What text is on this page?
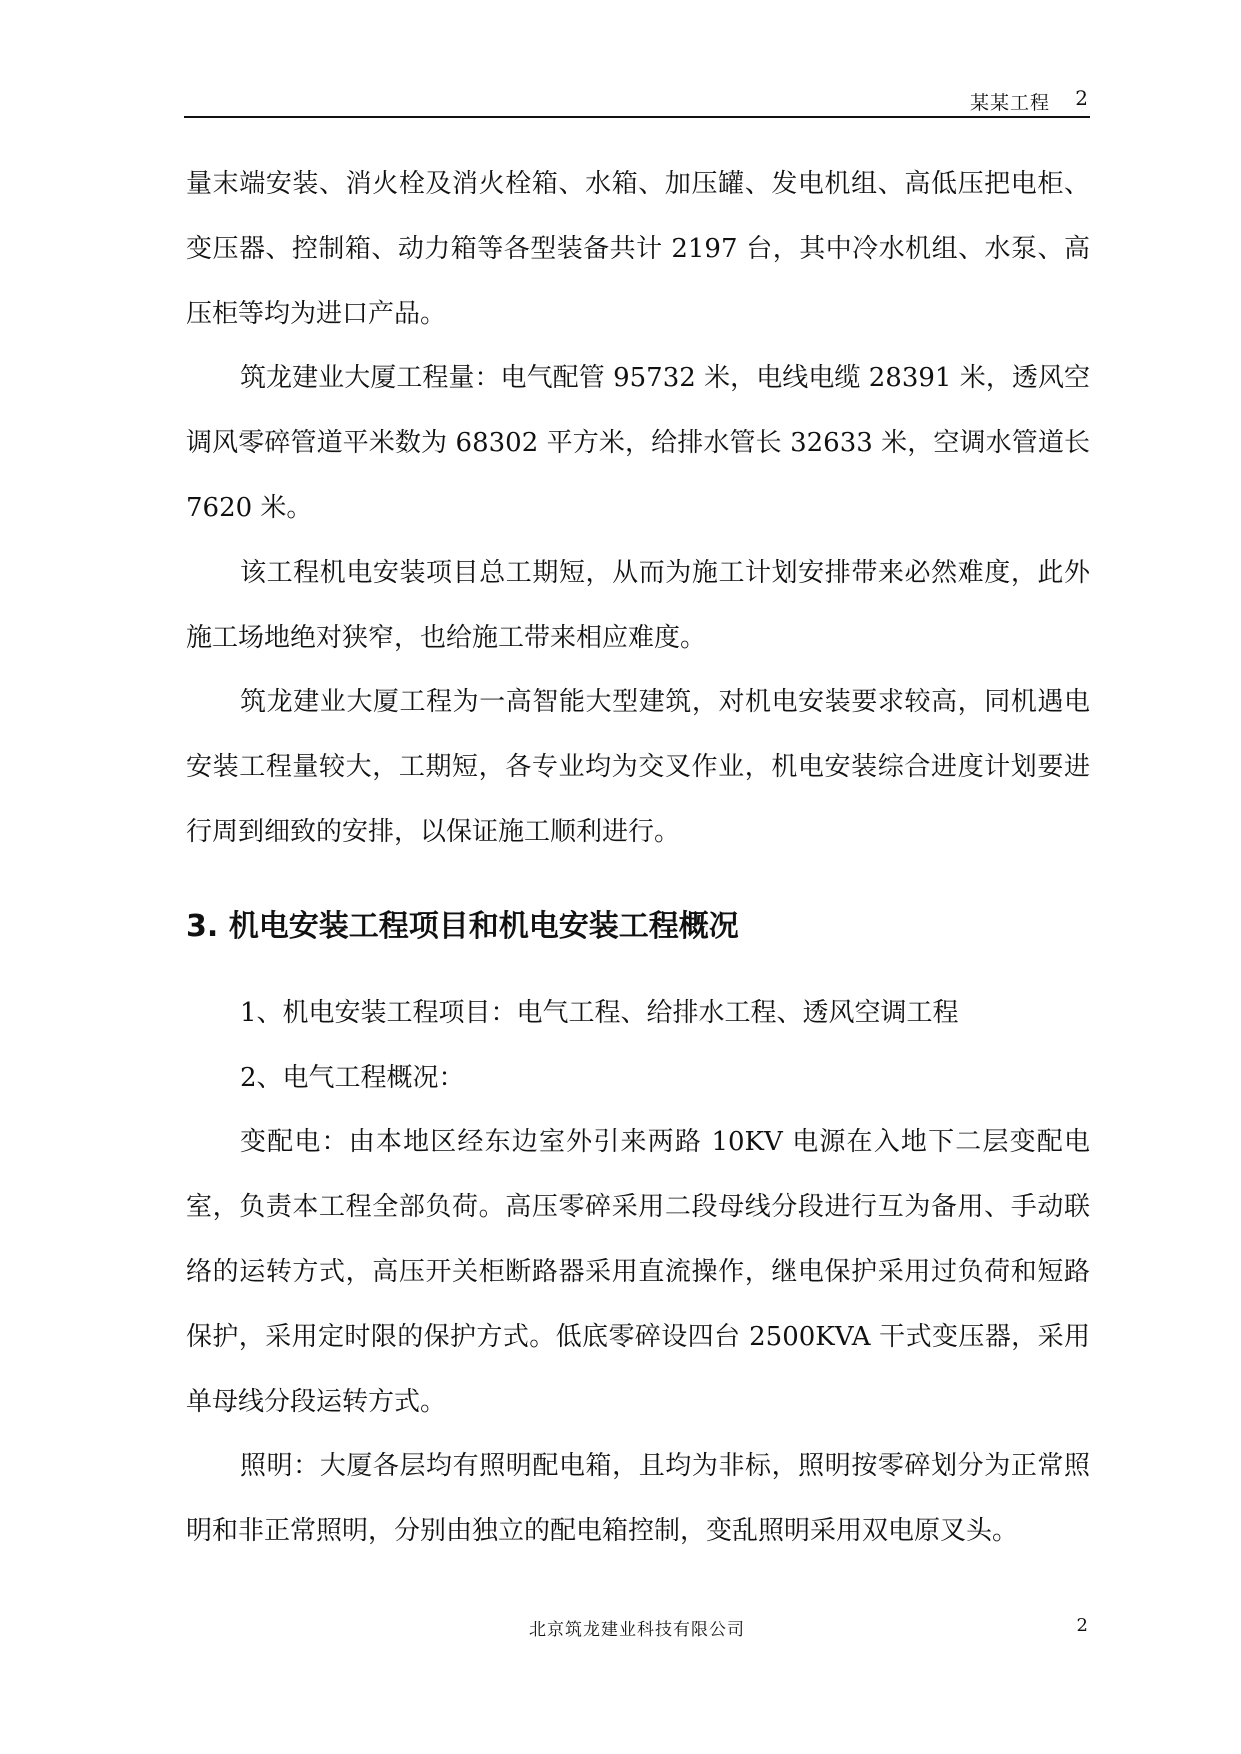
某某工程 2

量末端安装、消火栓及消火栓箱、水箱、加压罐、发电机组、高低压把电柜、变压器、控制箱、动力箱等各型装备共计 2197 台，其中冷水机组、水泵、高压柜等均为进口产品。

筑龙建业大厦工程量：电气配管 95732 米，电线电缆 28391 米，透风空调风零碎管道平米数为 68302 平方米，给排水管长 32633 米，空调水管道长 7620 米。

该工程机电安装项目总工期短，从而为施工计划安排带来必然难度，此外施工场地绝对狭窄，也给施工带来相应难度。

筑龙建业大厦工程为一高智能大型建筑，对机电安装要求较高，同机遇电安装工程量较大，工期短，各专业均为交叉作业，机电安装综合进度计划要进行周到细致的安排，以保证施工顺利进行。

3. 机电安装工程项目和机电安装工程概况

1、机电安装工程项目：电气工程、给排水工程、透风空调工程

2、电气工程概况：

变配电：由本地区经东边室外引来两路 10KV 电源在入地下二层变配电室，负责本工程全部负荷。高压零碎采用二段母线分段进行互为备用、手动联络的运转方式，高压开关柜断路器采用直流操作，继电保护采用过负荷和短路保护，采用定时限的保护方式。低底零碎设四台 2500KVA 干式变压器，采用单母线分段运转方式。

照明：大厦各层均有照明配电箱，且均为非标，照明按零碎划分为正常照明和非正常照明，分别由独立的配电箱控制，变乱照明采用双电原叉头。

北京筑龙建业科技有限公司	2
